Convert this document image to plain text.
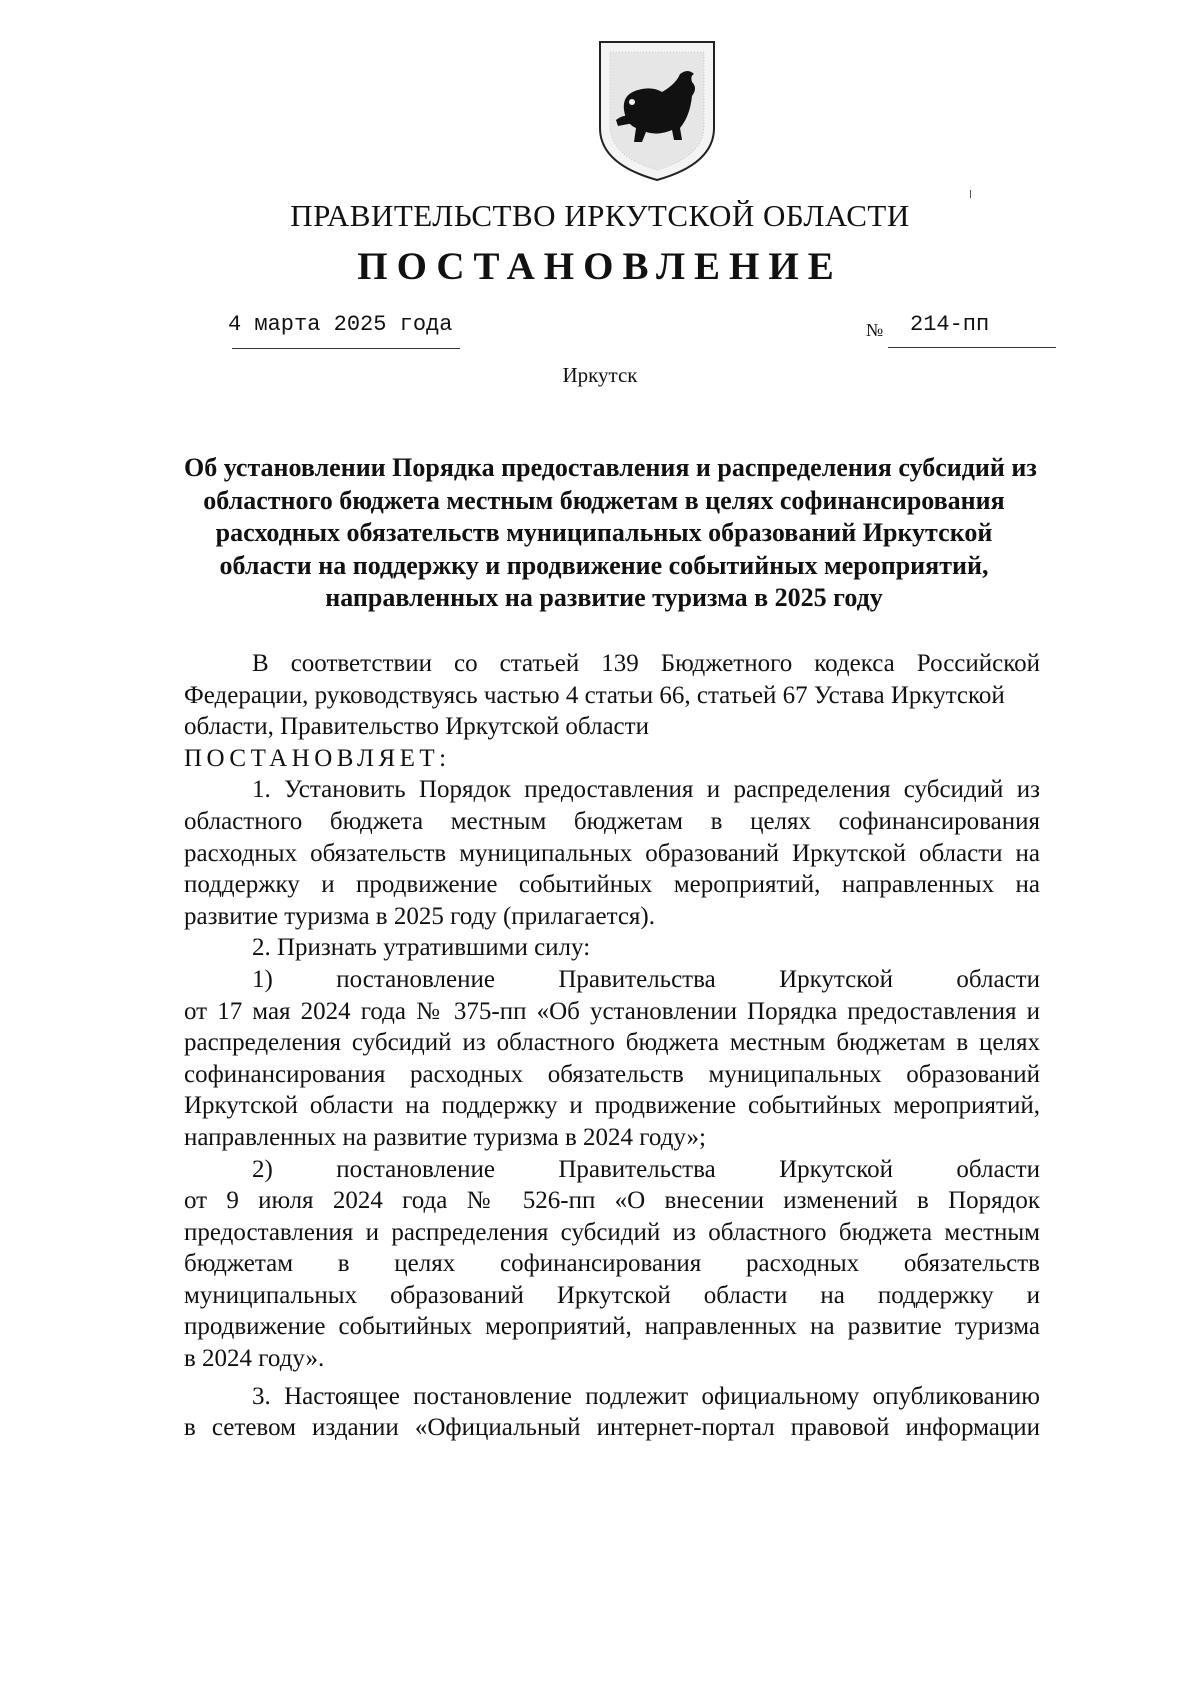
ПРАВИТЕЛЬСТВО ИРКУТСКОЙ ОБЛАСТИ
ПОСТАНОВЛЕНИЕ
4 марта 2025 года	№ 214-пп
Иркутск
Об установлении Порядка предоставления и распределения субсидий из
областного бюджета местным бюджетам в целях софинансирования
расходных обязательств муниципальных образований Иркутской
области на поддержку и продвижение событийных мероприятий,
направленных на развитие туризма в 2025 году
В соответствии со статьей 139 Бюджетного кодекса Российской
Федерации, руководствуясь частью 4 статьи 66, статьей 67 Устава Иркутской
области, Правительство Иркутской области
ПОСТАНОВЛЯЕТ:
1. Установить Порядок предоставления и распределения субсидий из
областного бюджета местным бюджетам в целях софинансирования
расходных обязательств муниципальных образований Иркутской области на
поддержку и продвижение событийных мероприятий, направленных на
развитие туризма в 2025 году (прилагается).
2. Признать утратившими силу:
1) постановление Правительства Иркутской области
от 17 мая 2024 года № 375-пп «Об установлении Порядка предоставления и
распределения субсидий из областного бюджета местным бюджетам в целях
софинансирования расходных обязательств муниципальных образований
Иркутской области на поддержку и продвижение событийных мероприятий,
направленных на развитие туризма в 2024 году»;
2) постановление Правительства Иркутской области
от 9 июля 2024 года № 526-пп «О внесении изменений в Порядок
предоставления и распределения субсидий из областного бюджета местным
бюджетам в целях софинансирования расходных обязательств
муниципальных образований Иркутской области на поддержку и
продвижение событийных мероприятий, направленных на развитие туризма
в 2024 году».
3. Настоящее постановление подлежит официальному опубликованию
в сетевом издании «Официальный интернет-портал правовой информации
